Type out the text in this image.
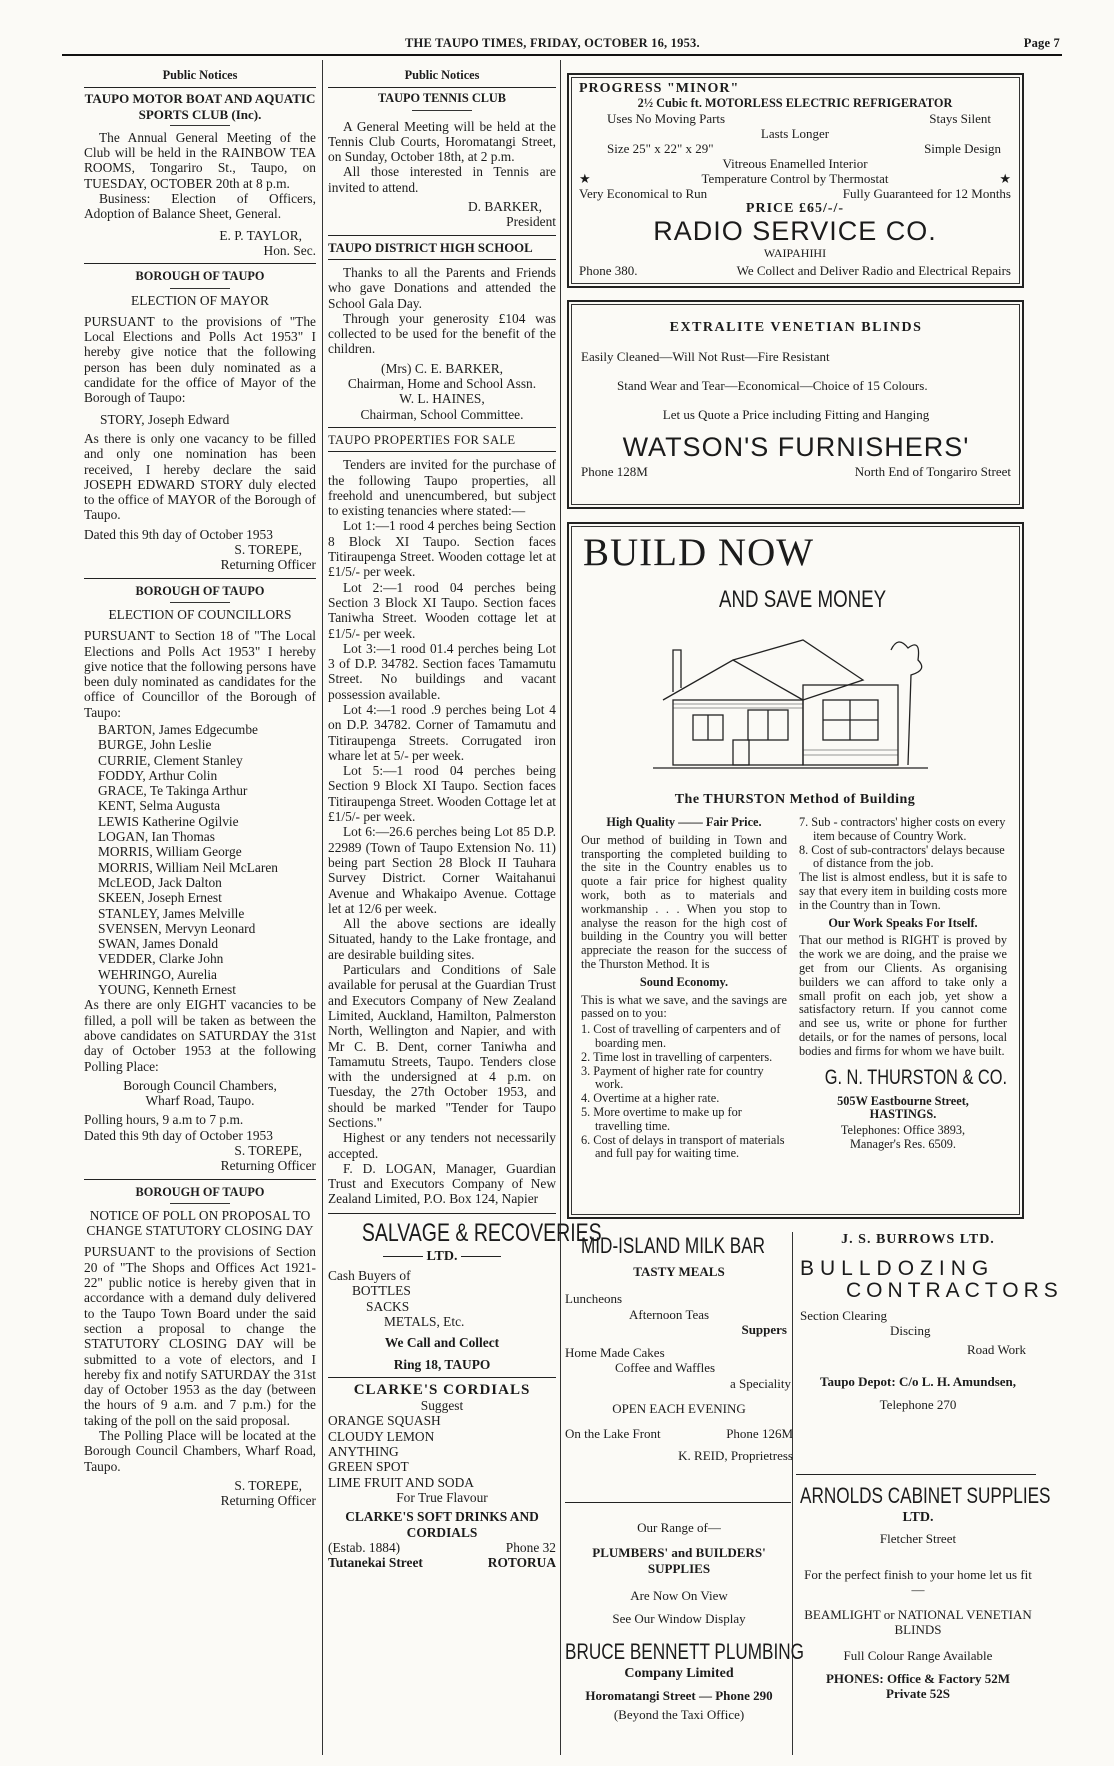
THE TAUPO TIMES, FRIDAY, OCTOBER 16, 1953.	Page 7
Public Notices
TAUPO MOTOR BOAT AND AQUATIC SPORTS CLUB (Inc).

The Annual General Meeting of the Club will be held in the RAINBOW TEA ROOMS, Tongariro St., Taupo, on TUESDAY, OCTOBER 20th at 8 p.m.

Business: Election of Officers, Adoption of Balance Sheet, General.

E. P. TAYLOR,
Hon. Sec.
BOROUGH OF TAUPO
ELECTION OF MAYOR

PURSUANT to the provisions of "The Local Elections and Polls Act 1953" I hereby give notice that the following person has been duly nominated as a candidate for the office of Mayor of the Borough of Taupo:

STORY, Joseph Edward

As there is only one vacancy to be filled and only one nomination has been received, I hereby declare the said JOSEPH EDWARD STORY duly elected to the office of MAYOR of the Borough of Taupo.

Dated this 9th day of October 1953
S. TOREPE,
Returning Officer
BOROUGH OF TAUPO
ELECTION OF COUNCILLORS

PURSUANT to Section 18 of "The Local Elections and Polls Act 1953" I hereby give notice that the following persons have been duly nominated as candidates for the office of Councillor of the Borough of Taupo:

BARTON, James Edgecumbe
BURGE, John Leslie
CURRIE, Clement Stanley
FODDY, Arthur Colin
GRACE, Te Takinga Arthur
KENT, Selma Augusta
LEWIS Katherine Ogilvie
LOGAN, Ian Thomas
MORRIS, William George
MORRIS, William Neil McLaren
McLEOD, Jack Dalton
SKEEN, Joseph Ernest
STANLEY, James Melville
SVENSEN, Mervyn Leonard
SWAN, James Donald
VEDDER, Clarke John
WEHRINGO, Aurelia
YOUNG, Kenneth Ernest

As there are only EIGHT vacancies to be filled, a poll will be taken as between the above candidates on SATURDAY the 31st day of October 1953 at the following Polling Place:

Borough Council Chambers,
Wharf Road, Taupo.
Polling hours, 9 a.m to 7 p.m.
Dated this 9th day of October 1953
S. TOREPE,
Returning Officer
BOROUGH OF TAUPO
NOTICE OF POLL ON PROPOSAL TO CHANGE STATUTORY CLOSING DAY

PURSUANT to the provisions of Section 20 of "The Shops and Offices Act 1921-22" public notice is hereby given that in accordance with a demand duly delivered to the Taupo Town Board under the said section a proposal to change the STATUTORY CLOSING DAY will be submitted to a vote of electors, and I hereby fix and notify SATURDAY the 31st day of October 1953 as the day (between the hours of 9 a.m. and 7 p.m.) for the taking of the poll on the said proposal.

The Polling Place will be located at the Borough Council Chambers, Wharf Road, Taupo.

S. TOREPE,
Returning Officer
Public Notices
TAUPO TENNIS CLUB

A General Meeting will be held at the Tennis Club Courts, Horomatangi Street, on Sunday, October 18th, at 2 p.m.

All those interested in Tennis are invited to attend.

D. BARKER,
President
TAUPO DISTRICT HIGH SCHOOL

Thanks to all the Parents and Friends who gave Donations and attended the School Gala Day.

Through your generosity £104 was collected to be used for the benefit of the children.

(Mrs) C. E. BARKER,
Chairman, Home and School Assn.
W. L. HAINES,
Chairman, School Committee.
TAUPO PROPERTIES FOR SALE

Tenders are invited for the purchase of the following Taupo properties, all freehold and unencumbered, but subject to existing tenancies where stated:—

Lot 1:—1 rood 4 perches being Section 8 Block XI Taupo. Section faces Titiraupenga Street. Wooden cottage let at £1/5/- per week.

Lot 2:—1 rood 04 perches being Section 3 Block XI Taupo. Section faces Taniwha Street. Wooden cottage let at £1/5/- per week.

Lot 3:—1 rood 01.4 perches being Lot 3 of D.P. 34782. Section faces Tamamutu Street. No buildings and vacant possession available.

Lot 4:—1 rood .9 perches being Lot 4 on D.P. 34782. Corner of Tamamutu and Titiraupenga Streets. Corrugated iron whare let at 5/- per week.

Lot 5:—1 rood 04 perches being Section 9 Block XI Taupo. Section faces Titiraupenga Street. Wooden Cottage let at £1/5/- per week.

Lot 6:—26.6 perches being Lot 85 D.P. 22989 (Town of Taupo Extension No. 11) being part Section 28 Block II Tauhara Survey District. Corner Waitahanui Avenue and Whakaipo Avenue. Cottage let at 12/6 per week.

All the above sections are ideally Situated, handy to the Lake frontage, and are desirable building sites.

Particulars and Conditions of Sale available for perusal at the Guardian Trust and Executors Company of New Zealand Limited, Auckland, Hamilton, Palmerston North, Wellington and Napier, and with Mr C. B. Dent, corner Taniwha and Tamamutu Streets, Taupo. Tenders close with the undersigned at 4 p.m. on Tuesday, the 27th October 1953, and should be marked "Tender for Taupo Sections."

Highest or any tenders not necessarily accepted.

F. D. LOGAN, Manager, Guardian Trust and Executors Company of New Zealand Limited, P.O. Box 124, Napier

SALVAGE & RECOVERIES
LTD.
Cash Buyers of
BOTTLES
SACKS
METALS, Etc.
We Call and Collect
Ring 18, TAUPO
CLARKE'S CORDIALS
Suggest
ORANGE SQUASH
CLOUDY LEMON
ANYTHING
GREEN SPOT
LIME FRUIT AND SODA
For True Flavour
CLARKE'S SOFT DRINKS AND CORDIALS
(Estab. 1884)	Phone 32
Tutanekai Street	ROTORUA
PROGRESS "MINOR"
2½ Cubic ft. MOTORLESS ELECTRIC REFRIGERATOR
Uses No Moving Parts	Stays Silent
Lasts Longer
Size 25" x 22" x 29"	Simple Design
Vitreous Enamelled Interior
★	Temperature Control by Thermostat	★
Very Economical to Run	Fully Guaranteed for 12 Months
PRICE £65/-/-
RADIO SERVICE CO.
WAIPAHIHI
Phone 380.	We Collect and Deliver Radio and Electrical Repairs
EXTRALITE VENETIAN BLINDS
Easily Cleaned—Will Not Rust—Fire Resistant
Stand Wear and Tear—Economical—Choice of 15 Colours.
Let us Quote a Price including Fitting and Hanging
WATSON'S FURNISHERS'
Phone 128M	North End of Tongariro Street
BUILD NOW
AND SAVE MONEY
The THURSTON Method of Building
High Quality —— Fair Price.

Our method of building in Town and transporting the completed building to the site in the Country enables us to quote a fair price for highest quality work, both as to materials and workmanship . . . When you stop to analyse the reason for the high cost of building in the Country you will better appreciate the reason for the success of the Thurston Method. It is

Sound Economy.

This is what we save, and the savings are passed on to you:

1. Cost of travelling of carpenters and of boarding men.
2. Time lost in travelling of carpenters.
3. Payment of higher rate for country work.
4. Overtime at a higher rate.
5. More overtime to make up for travelling time.
6. Cost of delays in transport of materials and full pay for waiting time.
7. Sub - contractors' higher costs on every item because of Country Work.
8. Cost of sub-contractors' delays because of distance from the job.

The list is almost endless, but it is safe to say that every item in building costs more in the Country than in Town.

Our Work Speaks For Itself.

That our method is RIGHT is proved by the work we are doing, and the praise we get from our Clients. As organising builders we can afford to take only a small profit on each job, yet show a satisfactory return. If you cannot come and see us, write or phone for further details, or for the names of persons, local bodies and firms for whom we have built.

G. N. THURSTON & CO.
505W Eastbourne Street,
HASTINGS.
Telephones: Office 3893,
Manager's Res. 6509.
MID-ISLAND MILK BAR
TASTY MEALS
Luncheons
Afternoon Teas
Suppers
Home Made Cakes
Coffee and Waffles
a Speciality
OPEN EACH EVENING
On the Lake Front	Phone 126M
K. REID, Proprietress
Our Range of—
PLUMBERS' and BUILDERS' SUPPLIES
Are Now On View
See Our Window Display
BRUCE BENNETT PLUMBING
Company Limited
Horomatangi Street — Phone 290
(Beyond the Taxi Office)
J. S. BURROWS LTD.
BULLDOZING
CONTRACTORS
Section Clearing
Discing
Road Work
Taupo Depot: C/o L. H. Amundsen,
Telephone 270
ARNOLDS CABINET SUPPLIES
LTD.
Fletcher Street
For the perfect finish to your home let us fit—
BEAMLIGHT or NATIONAL VENETIAN BLINDS
Full Colour Range Available
PHONES: Office & Factory 52M
Private 52S
